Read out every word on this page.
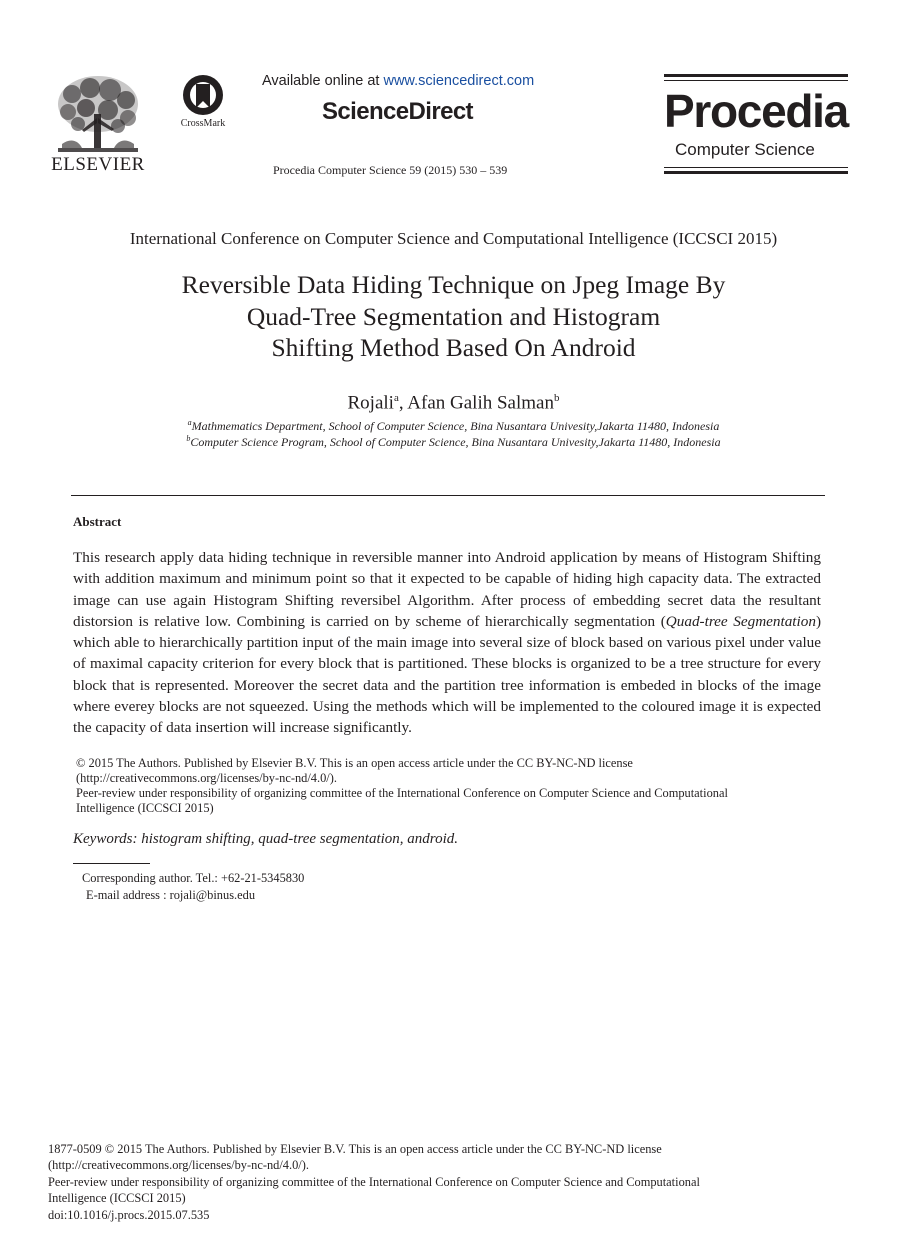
ELSEVIER
CrossMark
Available online at www.sciencedirect.com
ScienceDirect
Procedia Computer Science 59 (2015) 530 – 539
Procedia
Computer Science
International Conference on Computer Science and Computational Intelligence (ICCSCI 2015)
Reversible Data Hiding Technique on Jpeg Image By
Quad-Tree Segmentation and Histogram
Shifting Method Based On Android
Rojali$^a$, Afan Galih Salman$^b$
$^a$Mathmematics Department, School of Computer Science, Bina Nusantara Univesity,Jakarta 11480, Indonesia
$^b$Computer Science Program, School of Computer Science, Bina Nusantara Univesity,Jakarta 11480, Indonesia
Abstract
This research apply data hiding technique in reversible manner into Android application by means of Histogram Shifting with addition maximum and minimum point so that it expected to be capable of hiding high capacity data. The extracted image can use again Histogram Shifting reversibel Algorithm. After process of embedding secret data the resultant distorsion is relative low. Combining is carried on by scheme of hierarchically segmentation (Quad-tree Segmentation) which able to hierarchically partition input of the main image into several size of block based on various pixel under value of maximal capacity criterion for every block that is partitioned. These blocks is organized to be a tree structure for every block that is represented. Moreover the secret data and the partition tree information is embeded in blocks of the image where everey blocks are not squeezed. Using the methods which will be implemented to the coloured image it is expected the capacity of data insertion will increase significantly.
© 2015 The Authors. Published by Elsevier B.V. This is an open access article under the CC BY-NC-ND license
(http://creativecommons.org/licenses/by-nc-nd/4.0/).
Peer-review under responsibility of organizing committee of the International Conference on Computer Science and Computational
Intelligence (ICCSCI 2015)
Keywords: histogram shifting, quad-tree segmentation, android.
Corresponding author. Tel.: +62-21-5345830
E-mail address : rojali@binus.edu
1877-0509 © 2015 The Authors. Published by Elsevier B.V. This is an open access article under the CC BY-NC-ND license
(http://creativecommons.org/licenses/by-nc-nd/4.0/).
Peer-review under responsibility of organizing committee of the International Conference on Computer Science and Computational
Intelligence (ICCSCI 2015)
doi:10.1016/j.procs.2015.07.535
